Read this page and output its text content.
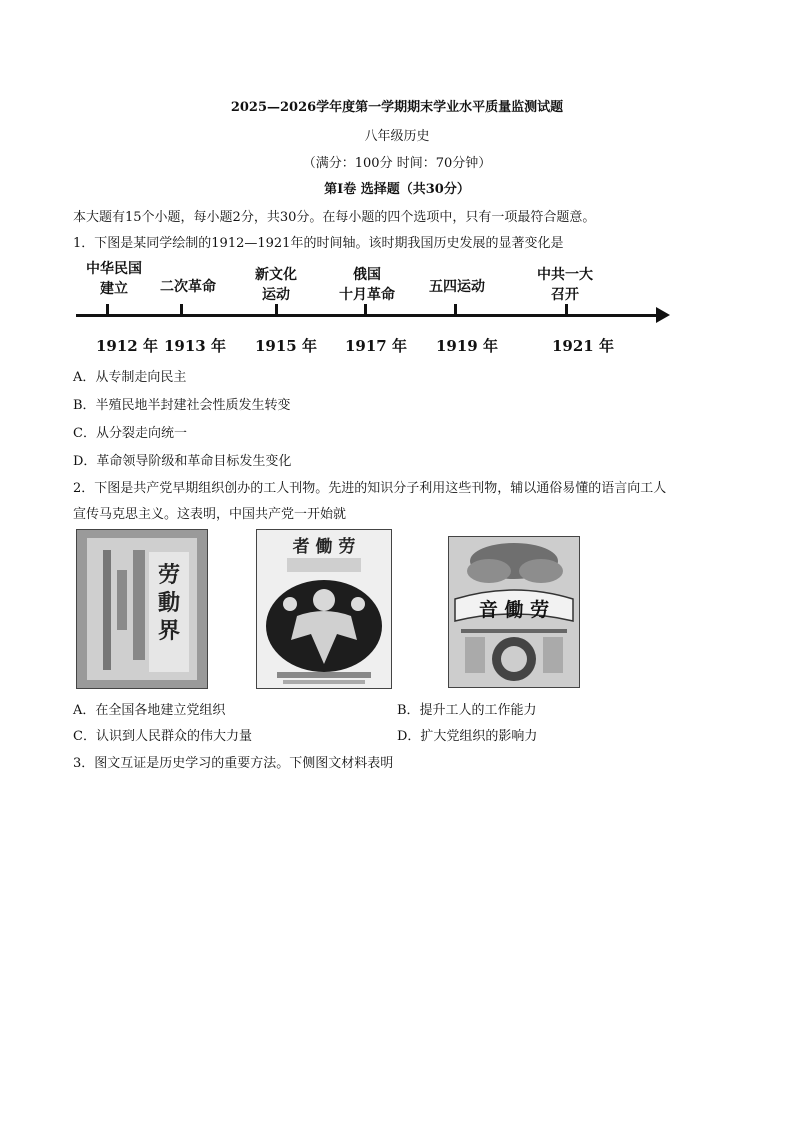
2025—2026学年度第一学期期末学业水平质量监测试题
八年级历史
（满分：100分 时间：70分钟）
第Ⅰ卷 选择题（共30分）
本大题有15个小题，每小题2分，共30分。在每小题的四个选项中，只有一项最符合题意。
1．下图是某同学绘制的1912—1921年的时间轴。该时期我国历史发展的显著变化是
中华民国
建立
1912 年
二次革命
1913 年
新文化
运动
1915 年
俄国
十月革命
1917 年
五四运动
1919 年
中共一大
召开
1921 年
A．从专制走向民主
B．半殖民地半封建社会性质发生转变
C．从分裂走向统一
D．革命领导阶级和革命目标发生变化
2．下图是共产党早期组织创办的工人刊物。先进的知识分子利用这些刊物，辅以通俗易懂的语言向工人
宣传马克思主义。这表明，中国共产党一开始就
劳
動
界
者 働 劳
音 働 劳
A．在全国各地建立党组织	B．提升工人的工作能力
C．认识到人民群众的伟大力量	D．扩大党组织的影响力
3．图文互证是历史学习的重要方法。下侧图文材料表明
